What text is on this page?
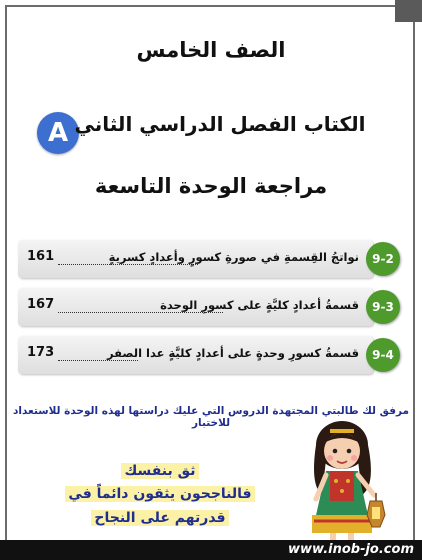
الصف الخامس
A الكتاب الفصل الدراسي الثاني
مراجعة الوحدة التاسعة
161	نواتجُ القِسمةِ في صورةِ كسورٍ وأعدادٍ كسريةٍ	9-2
167	قسمةُ أعدادٍ كليَّةٍ على كسورِ الوحدة	9-3
173	قسمةُ كسورِ وحدةٍ على أعدادٍ كليَّةٍ عدا الصفر	9-4
مرفق لك طالبتي المجتهدة الدروس التي عليك دراستها لهذه الوحدة للاستعداد للاختبار
ثق بنفسك
فالناجحون يثقون دائماً في
قدرتهم على النجاح
www.inob-jo.com
